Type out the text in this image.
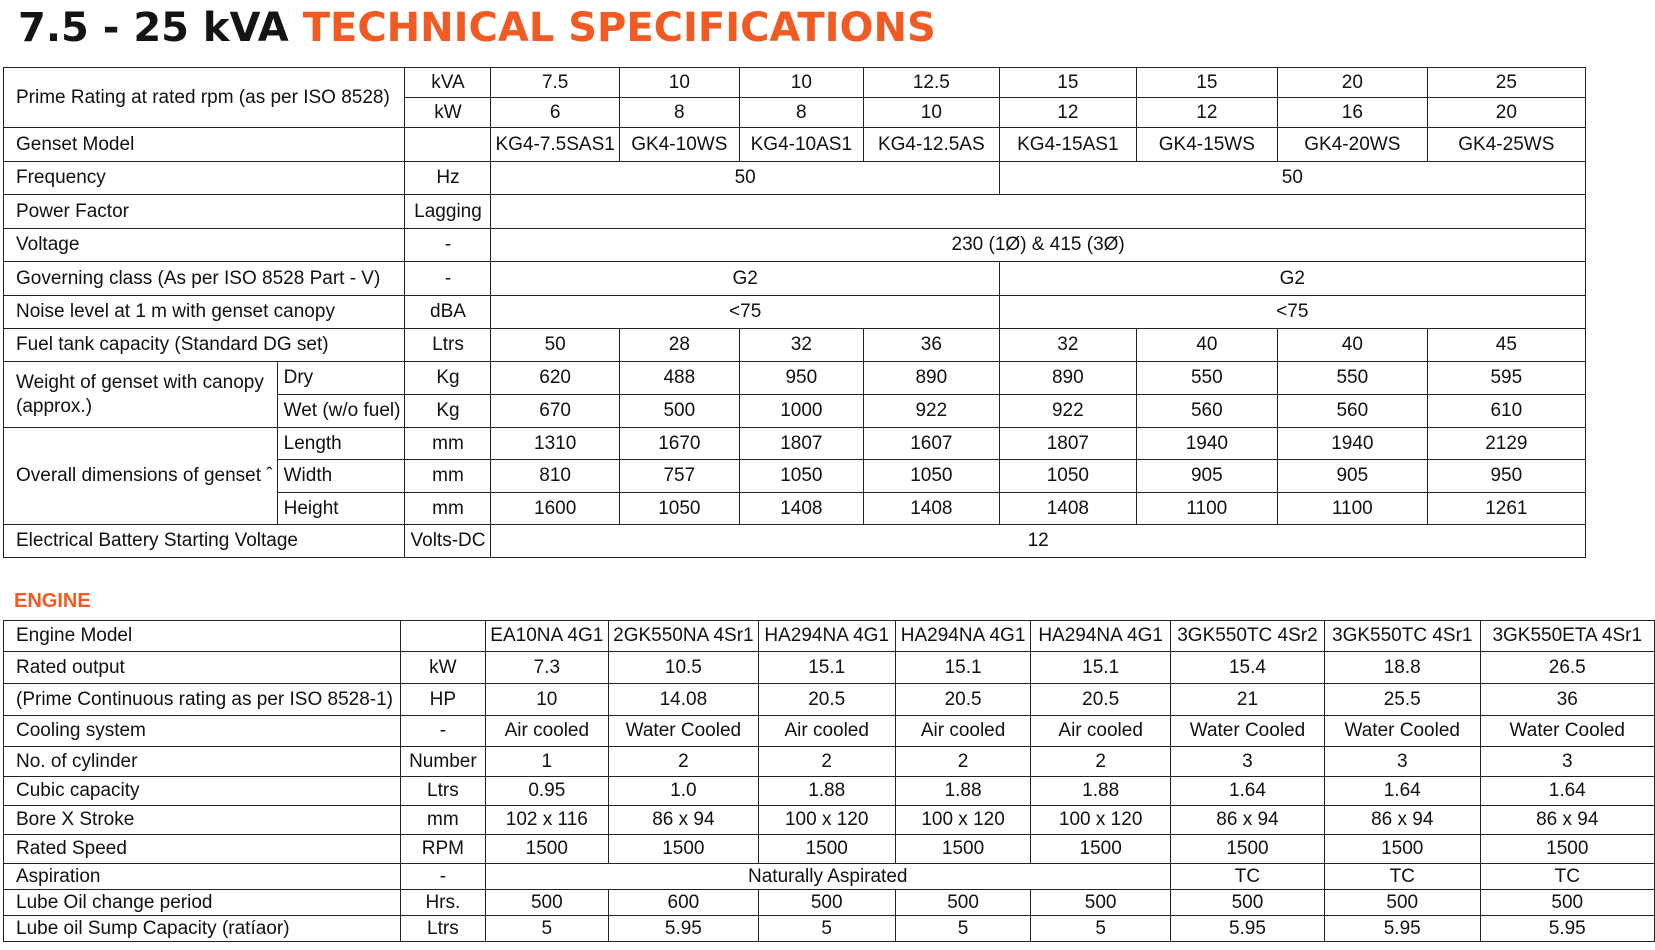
7.5 - 25 kVA TECHNICAL SPECIFICATIONS
Prime Rating at rated rpm (as per ISO 8528)		kVA	7.5	10	10	12.5	15	15	20	25
		kW	6	8	8	10	12	12	16	20
Genset Model			KG4-7.5SAS1	GK4-10WS	KG4-10AS1	KG4-12.5AS	KG4-15AS1	GK4-15WS	GK4-20WS	GK4-25WS
Frequency		Hz	50				50			
Power Factor		Lagging								
Voltage		-	230 (1Ø) & 415 (3Ø)							
Governing class (As per ISO 8528 Part - V)		-	G2				G2			
Noise level at 1 m with genset canopy		dBA	<75				<75			
Fuel tank capacity (Standard DG set)		Ltrs	50	28	32	36	32	40	40	45
Weight of genset with canopy (approx.)	Dry	Kg	620	488	950	890	890	550	550	595
	Wet (w/o fuel)	Kg	670	500	1000	922	922	560	560	610
Overall dimensions of genset ˆ	Length	mm	1310	1670	1807	1607	1807	1940	1940	2129
	Width	mm	810	757	1050	1050	1050	905	905	950
	Height	mm	1600	1050	1408	1408	1408	1100	1100	1261
Electrical Battery Starting Voltage		Volts-DC	12							
ENGINE
Engine Model		EA10NA 4G1	2GK550NA 4Sr1	HA294NA 4G1	HA294NA 4G1	HA294NA 4G1	3GK550TC 4Sr2	3GK550TC 4Sr1	3GK550ETA 4Sr1
Rated output	kW	7.3	10.5	15.1	15.1	15.1	15.4	18.8	26.5
(Prime Continuous rating as per ISO 8528-1)	HP	10	14.08	20.5	20.5	20.5	21	25.5	36
Cooling system	-	Air cooled	Water Cooled	Air cooled	Air cooled	Air cooled	Water Cooled	Water Cooled	Water Cooled
No. of cylinder	Number	1	2	2	2	2	3	3	3
Cubic capacity	Ltrs	0.95	1.0	1.88	1.88	1.88	1.64	1.64	1.64
Bore X Stroke	mm	102 x 116	86 x 94	100 x 120	100 x 120	100 x 120	86 x 94	86 x 94	86 x 94
Rated Speed	RPM	1500	1500	1500	1500	1500	1500	1500	1500
Aspiration	-	Naturally Aspirated					TC	TC	TC
Lube Oil change period	Hrs.	500	600	500	500	500	500	500	500
Lube oil Sump Capacity (ratíaor)	Ltrs	5	5.95	5	5	5	5.95	5.95	5.95
